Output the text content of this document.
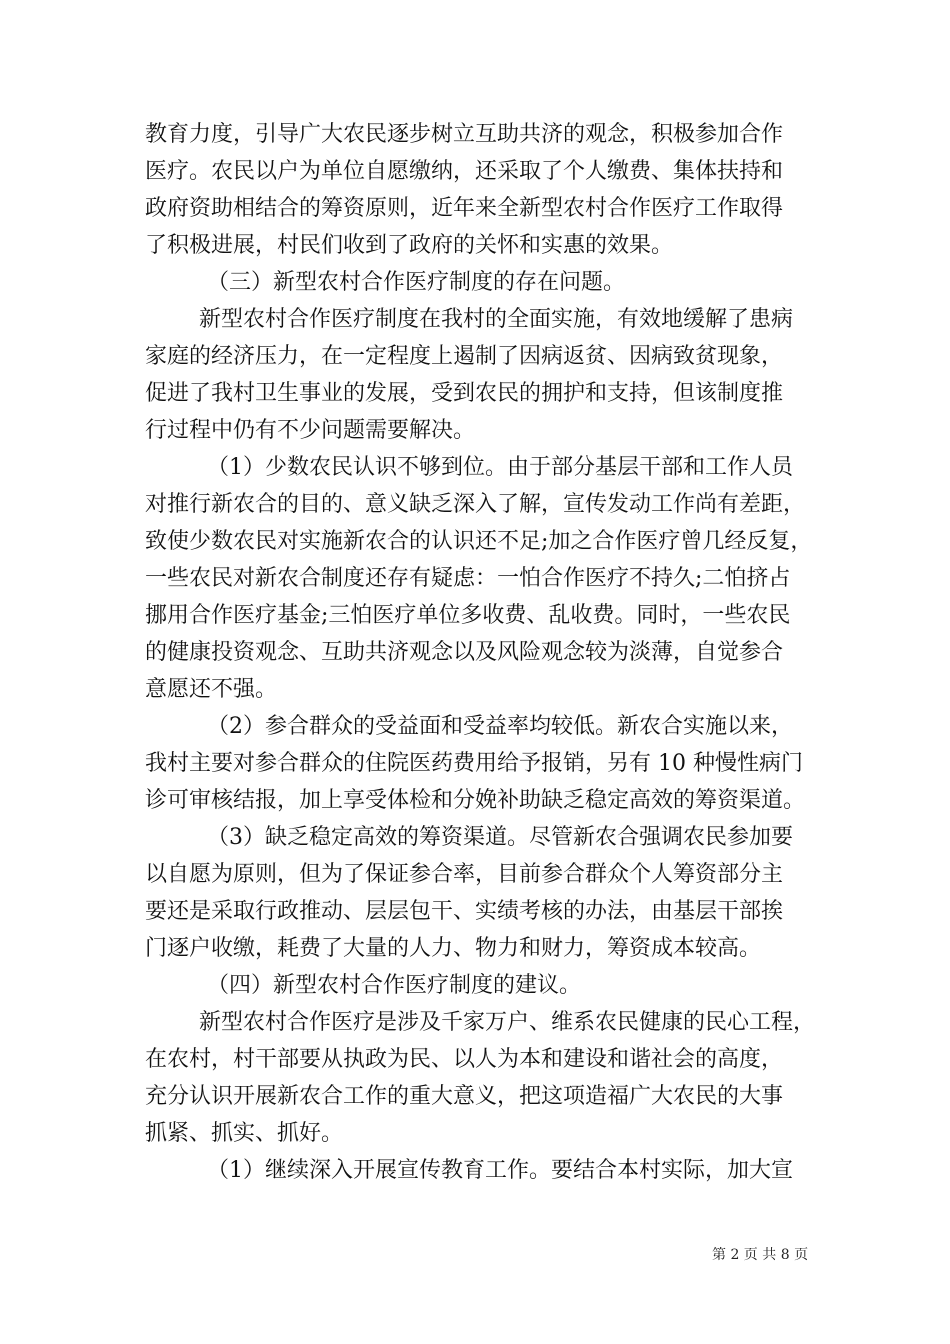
教育力度，引导广大农民逐步树立互助共济的观念，积极参加合作
医疗。农民以户为单位自愿缴纳，还采取了个人缴费、集体扶持和
政府资助相结合的筹资原则，近年来全新型农村合作医疗工作取得
了积极进展，村民们收到了政府的关怀和实惠的效果。
（三）新型农村合作医疗制度的存在问题。
新型农村合作医疗制度在我村的全面实施，有效地缓解了患病
家庭的经济压力，在一定程度上遏制了因病返贫、因病致贫现象，
促进了我村卫生事业的发展，受到农民的拥护和支持，但该制度推
行过程中仍有不少问题需要解决。
（1）少数农民认识不够到位。由于部分基层干部和工作人员
对推行新农合的目的、意义缺乏深入了解，宣传发动工作尚有差距，
致使少数农民对实施新农合的认识还不足;加之合作医疗曾几经反复，
一些农民对新农合制度还存有疑虑：一怕合作医疗不持久;二怕挤占
挪用合作医疗基金;三怕医疗单位多收费、乱收费。同时，一些农民
的健康投资观念、互助共济观念以及风险观念较为淡薄，自觉参合
意愿还不强。
（2）参合群众的受益面和受益率均较低。新农合实施以来，
我村主要对参合群众的住院医药费用给予报销，另有 10 种慢性病门
诊可审核结报，加上享受体检和分娩补助缺乏稳定高效的筹资渠道。
（3）缺乏稳定高效的筹资渠道。尽管新农合强调农民参加要
以自愿为原则，但为了保证参合率，目前参合群众个人筹资部分主
要还是采取行政推动、层层包干、实绩考核的办法，由基层干部挨
门逐户收缴，耗费了大量的人力、物力和财力，筹资成本较高。
（四）新型农村合作医疗制度的建议。
新型农村合作医疗是涉及千家万户、维系农民健康的民心工程，
在农村，村干部要从执政为民、以人为本和建设和谐社会的高度，
充分认识开展新农合工作的重大意义，把这项造福广大农民的大事
抓紧、抓实、抓好。
（1）继续深入开展宣传教育工作。要结合本村实际，加大宣
第 2 页 共 8 页
